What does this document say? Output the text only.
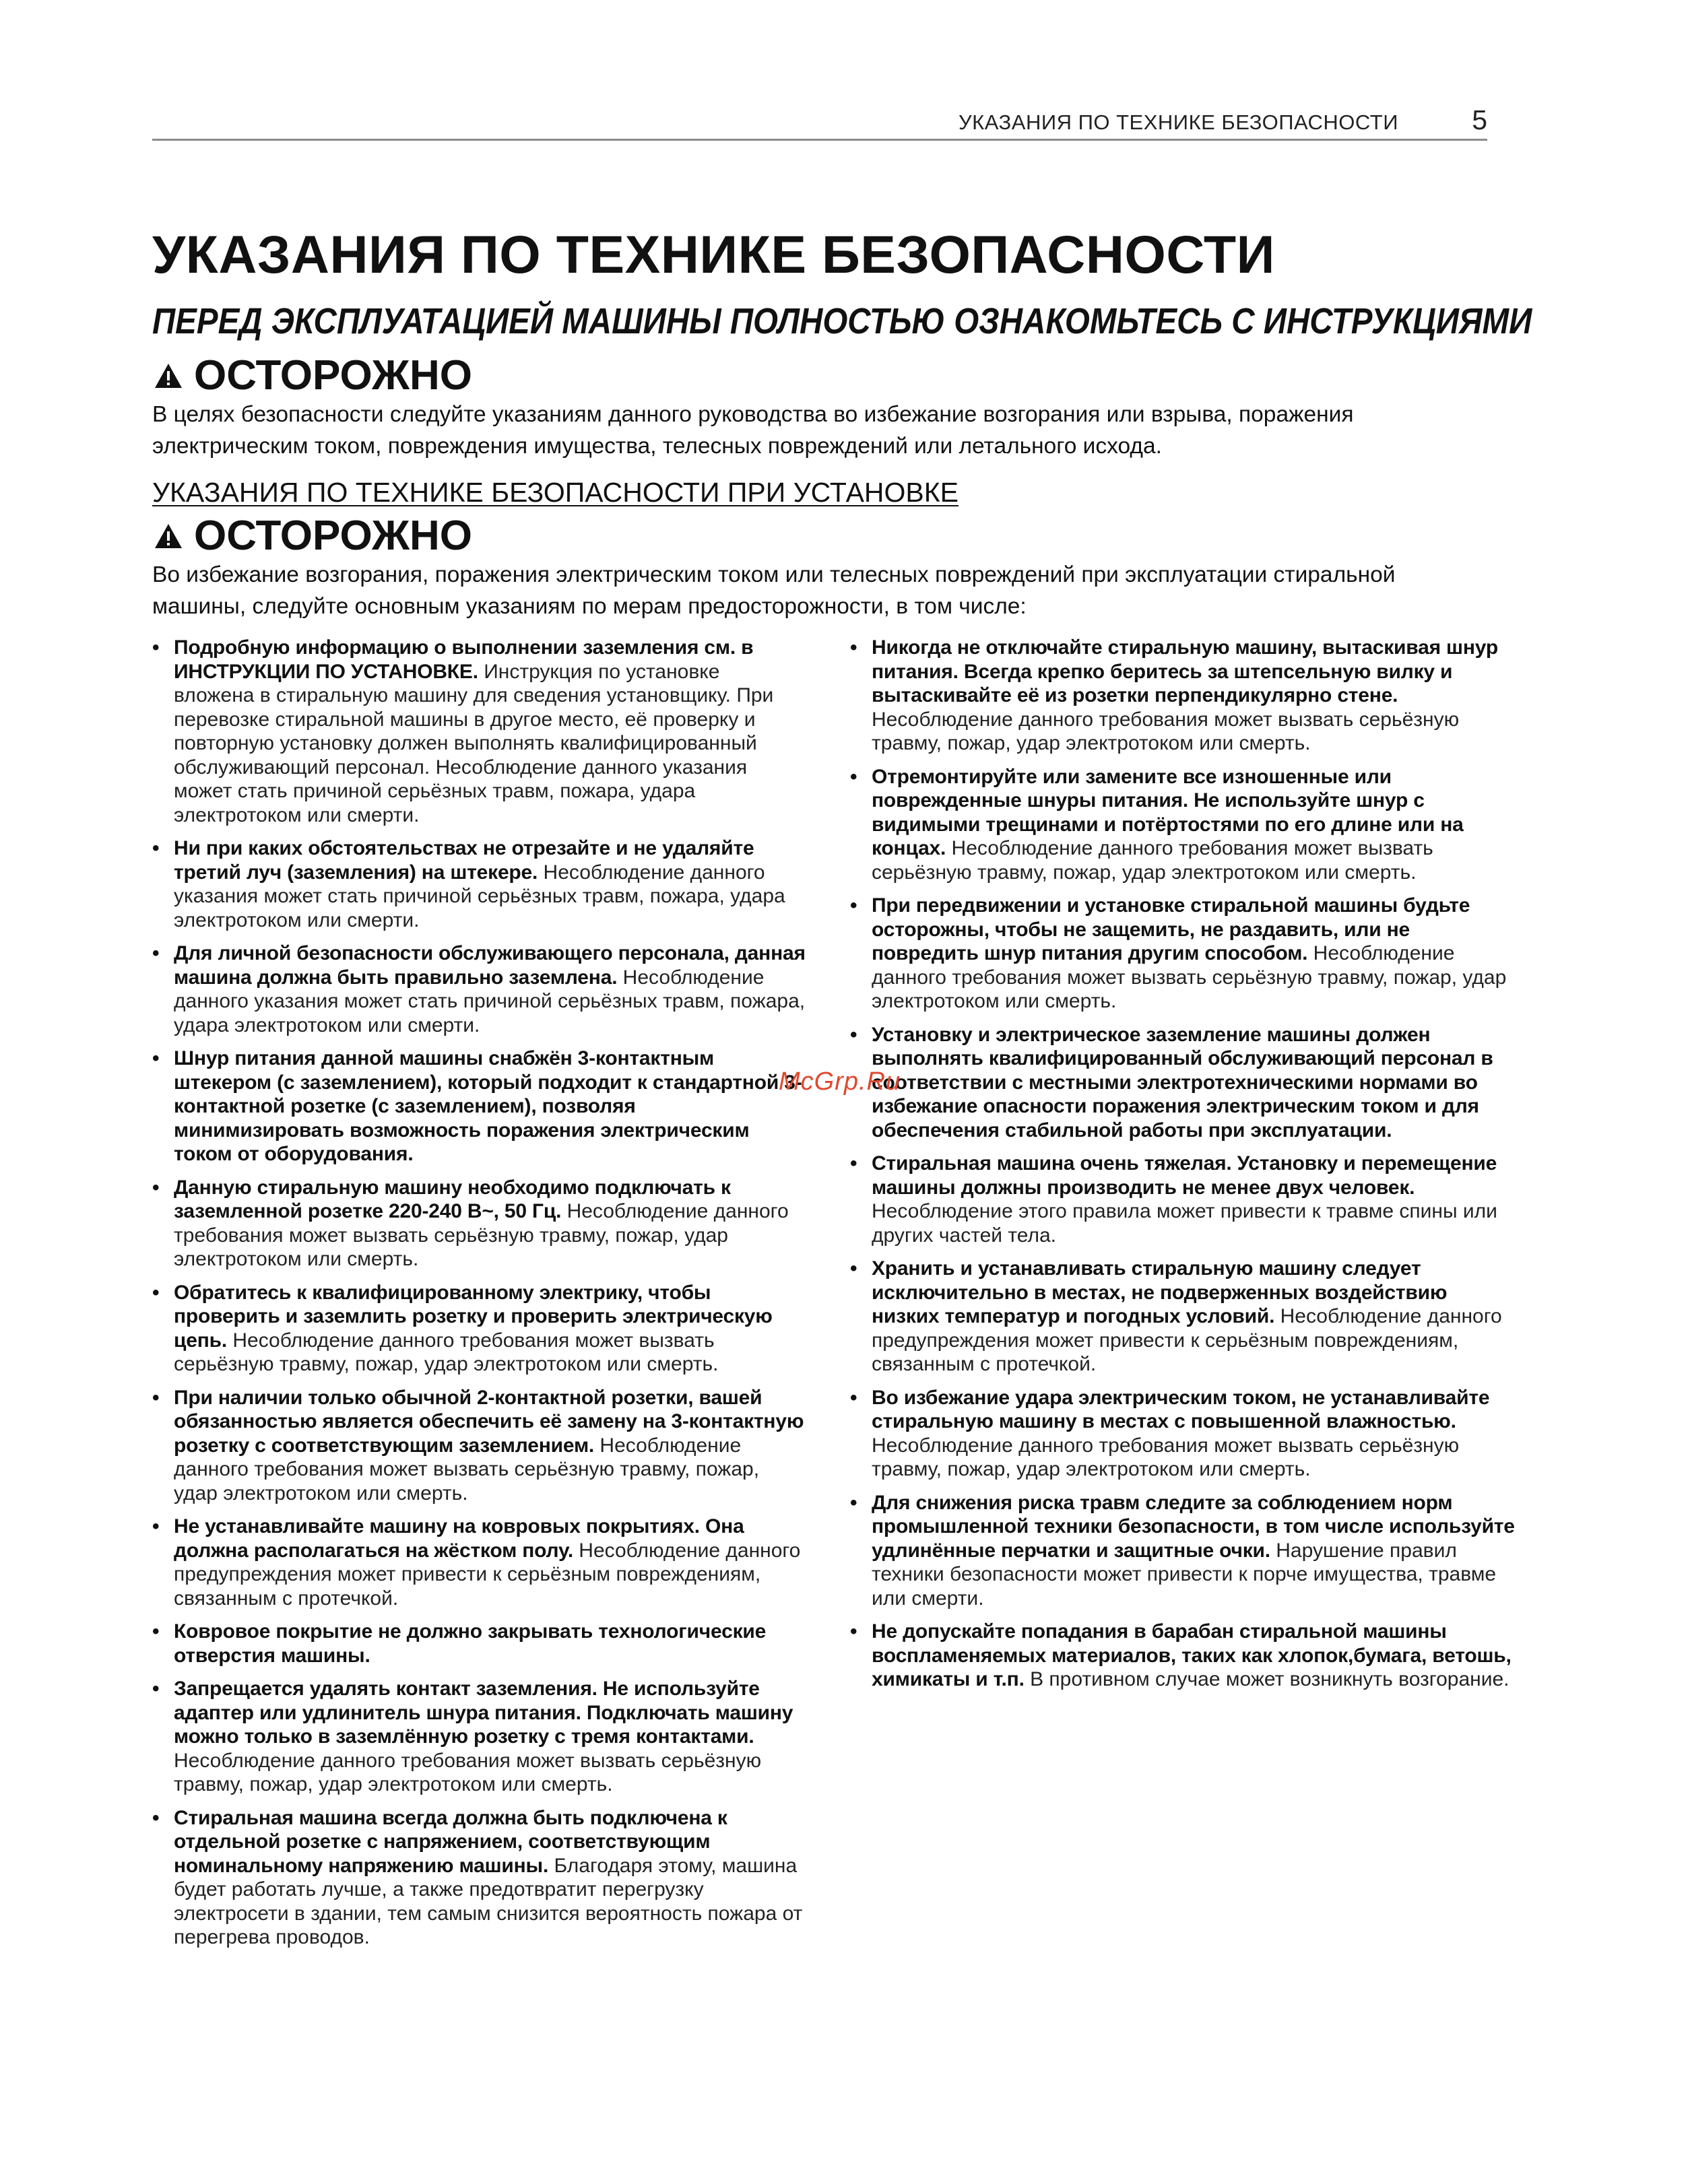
УКАЗАНИЯ ПО ТЕХНИКЕ БЕЗОПАСНОСТИ	5
УКАЗАНИЯ ПО ТЕХНИКЕ БЕЗОПАСНОСТИ
ПЕРЕД ЭКСПЛУАТАЦИЕЙ МАШИНЫ ПОЛНОСТЬЮ ОЗНАКОМЬТЕСЬ С ИНСТРУКЦИЯМИ
ОСТОРОЖНО

В целях безопасности следуйте указаниям данного руководства во избежание возгорания или взрыва, поражения электрическим током, повреждения имущества, телесных повреждений или летального исхода.

УКАЗАНИЯ ПО ТЕХНИКЕ БЕЗОПАСНОСТИ ПРИ УСТАНОВКЕ
ОСТОРОЖНО

Во избежание возгорания, поражения электрическим током или телесных повреждений при эксплуатации стиральной машины, следуйте основным указаниям по мерам предосторожности, в том числе:

• Подробную информацию о выполнении заземления см. в ИНСТРУКЦИИ ПО УСТАНОВКЕ. Инструкция по установке вложена в стиральную машину для сведения установщику. При перевозке стиральной машины в другое место, её проверку и повторную установку должен выполнять квалифицированный обслуживающий персонал. Несоблюдение данного указания может стать причиной серьёзных травм, пожара, удара электротоком или смерти.
• Ни при каких обстоятельствах не отрезайте и не удаляйте третий луч (заземления) на штекере. Несоблюдение данного указания может стать причиной серьёзных травм, пожара, удара электротоком или смерти.
• Для личной безопасности обслуживающего персонала, данная машина должна быть правильно заземлена. Несоблюдение данного указания может стать причиной серьёзных травм, пожара, удара электротоком или смерти.
• Шнур питания данной машины снабжён 3-контактным штекером (с заземлением), который подходит к стандартной 3-контактной розетке (с заземлением), позволяя минимизировать возможность поражения электрическим током от оборудования.
• Данную стиральную машину необходимо подключать к заземленной розетке 220-240 В~, 50 Гц. Несоблюдение данного требования может вызвать серьёзную травму, пожар, удар электротоком или смерть.
• Обратитесь к квалифицированному электрику, чтобы проверить и заземлить розетку и проверить электрическую цепь. Несоблюдение данного требования может вызвать серьёзную травму, пожар, удар электротоком или смерть.
• При наличии только обычной 2-контактной розетки, вашей обязанностью является обеспечить её замену на 3-контактную розетку с соответствующим заземлением. Несоблюдение данного требования может вызвать серьёзную травму, пожар, удар электротоком или смерть.
• Не устанавливайте машину на ковровых покрытиях. Она должна располагаться на жёстком полу. Несоблюдение данного предупреждения может привести к серьёзным повреждениям, связанным с протечкой.
• Ковровое покрытие не должно закрывать технологические отверстия машины.
• Запрещается удалять контакт заземления. Не используйте адаптер или удлинитель шнура питания. Подключать машину можно только в заземлённую розетку с тремя контактами. Несоблюдение данного требования может вызвать серьёзную травму, пожар, удар электротоком или смерть.
• Стиральная машина всегда должна быть подключена к отдельной розетке с напряжением, соответствующим номинальному напряжению машины. Благодаря этому, машина будет работать лучше, а также предотвратит перегрузку электросети в здании, тем самым снизится вероятность пожара от перегрева проводов.
• Никогда не отключайте стиральную машину, вытаскивая шнур питания. Всегда крепко беритесь за штепсельную вилку и вытаскивайте её из розетки перпендикулярно стене. Несоблюдение данного требования может вызвать серьёзную травму, пожар, удар электротоком или смерть.
• Отремонтируйте или замените все изношенные или поврежденные шнуры питания. Не используйте шнур с видимыми трещинами и потёртостями по его длине или на концах. Несоблюдение данного требования может вызвать серьёзную травму, пожар, удар электротоком или смерть.
• При передвижении и установке стиральной машины будьте осторожны, чтобы не защемить, не раздавить, или не повредить шнур питания другим способом. Несоблюдение данного требования может вызвать серьёзную травму, пожар, удар электротоком или смерть.
• Установку и электрическое заземление машины должен выполнять квалифицированный обслуживающий персонал в соответствии с местными электротехническими нормами во избежание опасности поражения электрическим током и для обеспечения стабильной работы при эксплуатации.
• Стиральная машина очень тяжелая. Установку и перемещение машины должны производить не менее двух человек. Несоблюдение этого правила может привести к травме спины или других частей тела.
• Хранить и устанавливать стиральную машину следует исключительно в местах, не подверженных воздействию низких температур и погодных условий. Несоблюдение данного предупреждения может привести к серьёзным повреждениям, связанным с протечкой.
• Во избежание удара электрическим током, не устанавливайте стиральную машину в местах с повышенной влажностью. Несоблюдение данного требования может вызвать серьёзную травму, пожар, удар электротоком или смерть.
• Для снижения риска травм следите за соблюдением норм промышленной техники безопасности, в том числе используйте удлинённые перчатки и защитные очки. Нарушение правил техники безопасности может привести к порче имущества, травме или смерти.
• Не допускайте попадания в барабан стиральной машины воспламеняемых материалов, таких как хлопок,бумага, ветошь, химикаты и т.п. В противном случае может возникнуть возгорание.
McGrp.Ru
